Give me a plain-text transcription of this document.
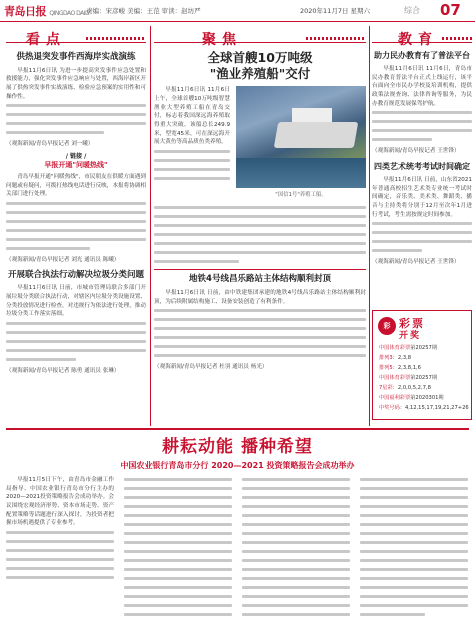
青岛日报 QINGDAO DAILY
责编：宋彦峻 美编：王范 审读：赵坊严	2020年11月7日 星期六	综合 07
看点
供热退突发事件西海岸实战演练

早报11月6日讯 为进一步提高突发事件应急处置和救援能力，强化突发事件应急响应与处置，西海岸新区开展了供热突发事件实战演练，检验应急预案的实用性和可操作性。

（观海新闻/青岛早报记者 刘一曦）

/ 链接 /
早报开通"问暖热线"

青岛早报开通"问暖热线"，市民朋友在供暖方面遇到问题或有疑问，可拨打热线电话进行反映，本报将协调相关部门进行处理。

（观海新闻/青岛早报记者 刘光 通讯员 陈曦）

开展联合执法行动解决垃圾分类问题

早报11月6日讯 日前，市城市管理局联合多部门开展垃圾分类联合执法行动，对辖区内垃圾分类设施设置、分类投放情况进行检查，对违规行为依法进行处理，推动垃圾分类工作落实落细。

（观海新闻/青岛早报记者 陈勇 通讯员 张琳）

聚焦
全球首艘10万吨级
"渔业养殖船"交付

早报11月6日讯 11月6日上午，全球首艘10万吨级智慧渔业大型养殖工船在青岛交付，标志着我国深远海养殖取得重大突破。该船总长249.9米，型宽45米，可在深远海开展大黄鱼等高品质鱼类养殖。

"国信1号"养殖工船。
地铁4号线昌乐路站主体结构顺利封顶

早报11月6日讯 日前，由中铁建集团承建的地铁4号线昌乐路站主体结构顺利封顶，为后续附属结构施工、设备安装创造了有利条件。

（观海新闻/青岛早报记者 杜羽 通讯员 杨光）

教育
助力民办教育有了普法平台

早报11月6日讯 11月6日，青岛市民办教育普法平台正式上线运行，该平台面向全市民办学校及培训机构，提供政策法规查询、法律咨询等服务，为民办教育规范发展保驾护航。

（观海新闻/青岛早报记者 王世锋）

四类艺术统考考试时间确定

早报11月6日讯 日前，山东省2021年普通高校招生艺术类专业统一考试时间确定，音乐类、美术类、舞蹈类、播音与主持类将分别于12月至次年1月进行考试，考生需按规定时间参加。

（观海新闻/青岛早报记者 王世锋）

彩 彩票
开奖
中国体育彩票第20257期
排列3：2,3,8
排列5：2,3,8,1,6
中国体育彩票第20257期
7星彩：2,0,0,5,2,7,8
中国福利彩票第2020301期
中奖号码：4,12,15,17,19,21,27+26
耕耘动能 播种希望
中国农业银行青岛市分行 2020—2021 投资策略报告会成功举办

早报11月5日下午，由青岛市金融工作局指导、中国农业银行青岛市分行主办的2020—2021投资策略报告会成功举办。会议围绕宏观经济形势、资本市场走势、资产配置策略等话题进行深入探讨，为投资者把握市场机遇提供了专业参考。
